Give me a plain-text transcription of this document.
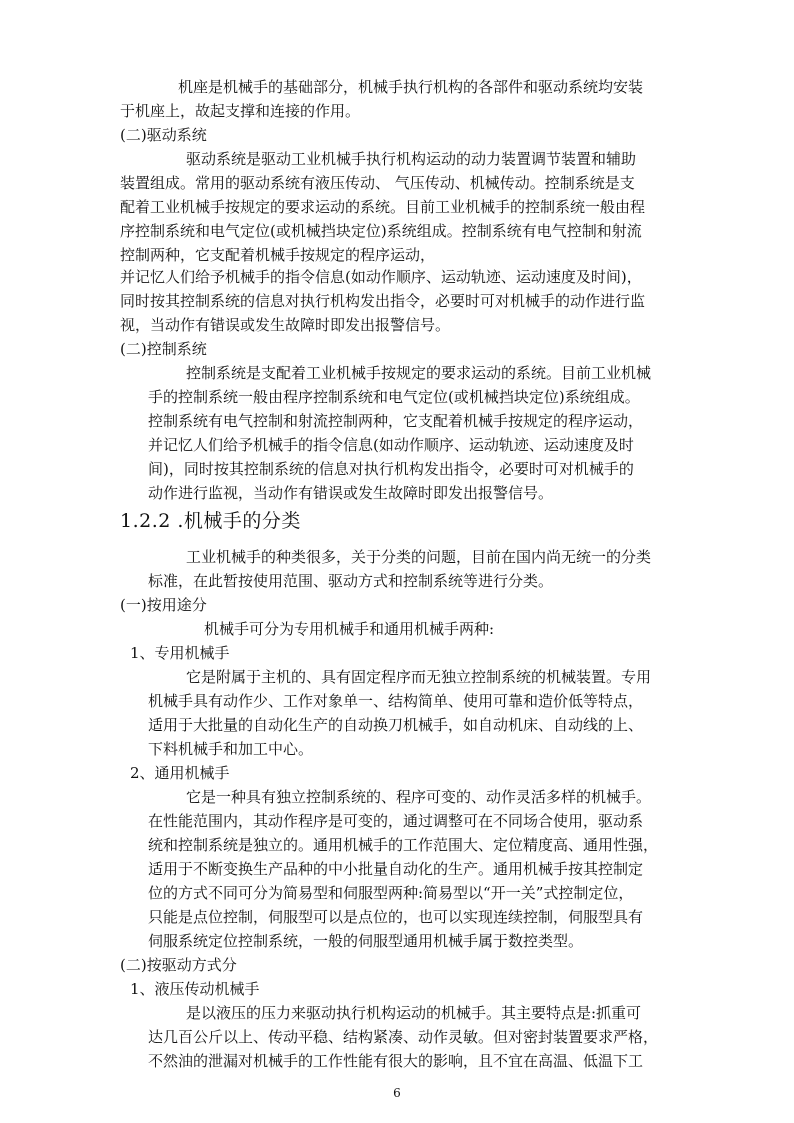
机座是机械手的基础部分，机械手执行机构的各部件和驱动系统均安装
于机座上，故起支撑和连接的作用。
(二)驱动系统
驱动系统是驱动工业机械手执行机构运动的动力装置调节装置和辅助
装置组成。常用的驱动系统有液压传动、 气压传动、机械传动。控制系统是支
配着工业机械手按规定的要求运动的系统。目前工业机械手的控制系统一般由程
序控制系统和电气定位(或机械挡块定位)系统组成。控制系统有电气控制和射流
控制两种，它支配着机械手按规定的程序运动，
并记忆人们给予机械手的指令信息(如动作顺序、运动轨迹、运动速度及时间)，
同时按其控制系统的信息对执行机构发出指令，必要时可对机械手的动作进行监
视，当动作有错误或发生故障时即发出报警信号。
(二)控制系统
控制系统是支配着工业机械手按规定的要求运动的系统。目前工业机械
手的控制系统一般由程序控制系统和电气定位(或机械挡块定位)系统组成。
控制系统有电气控制和射流控制两种，它支配着机械手按规定的程序运动，
并记忆人们给予机械手的指令信息(如动作顺序、运动轨迹、运动速度及时
间)，同时按其控制系统的信息对执行机构发出指令，必要时可对机械手的
动作进行监视，当动作有错误或发生故障时即发出报警信号。
1.2.2 .机械手的分类
工业机械手的种类很多，关于分类的问题，目前在国内尚无统一的分类
标准，在此暂按使用范围、驱动方式和控制系统等进行分类。
(一)按用途分
机械手可分为专用机械手和通用机械手两种:
1、专用机械手
它是附属于主机的、具有固定程序而无独立控制系统的机械装置。专用
机械手具有动作少、工作对象单一、结构简单、使用可靠和造价低等特点，
适用于大批量的自动化生产的自动换刀机械手，如自动机床、自动线的上、
下料机械手和加工中心。
2、通用机械手
它是一种具有独立控制系统的、程序可变的、动作灵活多样的机械手。
在性能范围内，其动作程序是可变的，通过调整可在不同场合使用，驱动系
统和控制系统是独立的。通用机械手的工作范围大、定位精度高、通用性强，
适用于不断变换生产品种的中小批量自动化的生产。通用机械手按其控制定
位的方式不同可分为简易型和伺服型两种:简易型以“开一关”式控制定位，
只能是点位控制，伺服型可以是点位的，也可以实现连续控制，伺服型具有
伺服系统定位控制系统，一般的伺服型通用机械手属于数控类型。
(二)按驱动方式分
1、液压传动机械手
是以液压的压力来驱动执行机构运动的机械手。其主要特点是:抓重可
达几百公斤以上、传动平稳、结构紧凑、动作灵敏。但对密封装置要求严格，
不然油的泄漏对机械手的工作性能有很大的影响，且不宜在高温、低温下工
6
